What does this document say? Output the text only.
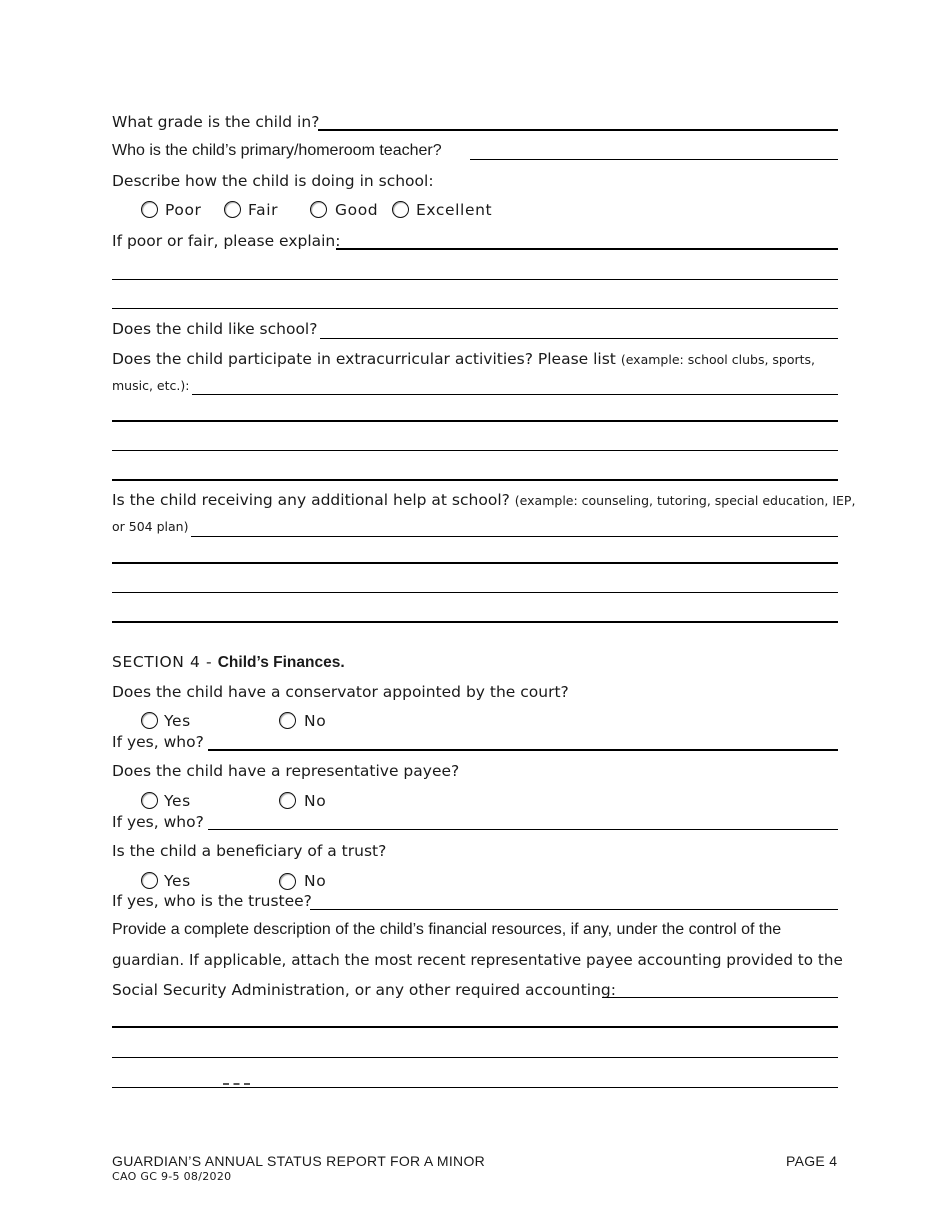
What grade is the child in?
Who is the child’s primary/homeroom teacher?
Describe how the child is doing in school:
Poor	Fair	Good Excellent
If poor or fair, please explain:
Does the child like school?
Does the child participate in extracurricular activities? Please list (example: school clubs, sports,
music, etc.):
Is the child receiving any additional help at school? (example: counseling, tutoring, special education, IEP,
or 504 plan)
SECTION 4 - Child’s Finances.
Does the child have a conservator appointed by the court?
Yes	No
If yes, who?
Does the child have a representative payee?
Yes	No
If yes, who?
Is the child a beneficiary of a trust?
Yes	No
If yes, who is the trustee?
Provide a complete description of the child’s financial resources, if any, under the control of the
guardian. If applicable, attach the most recent representative payee accounting provided to the
Social Security Administration, or any other required accounting:
GUARDIAN’S ANNUAL STATUS REPORT FOR A MINOR
CAO GC 9-5 08/2020
PAGE 4
